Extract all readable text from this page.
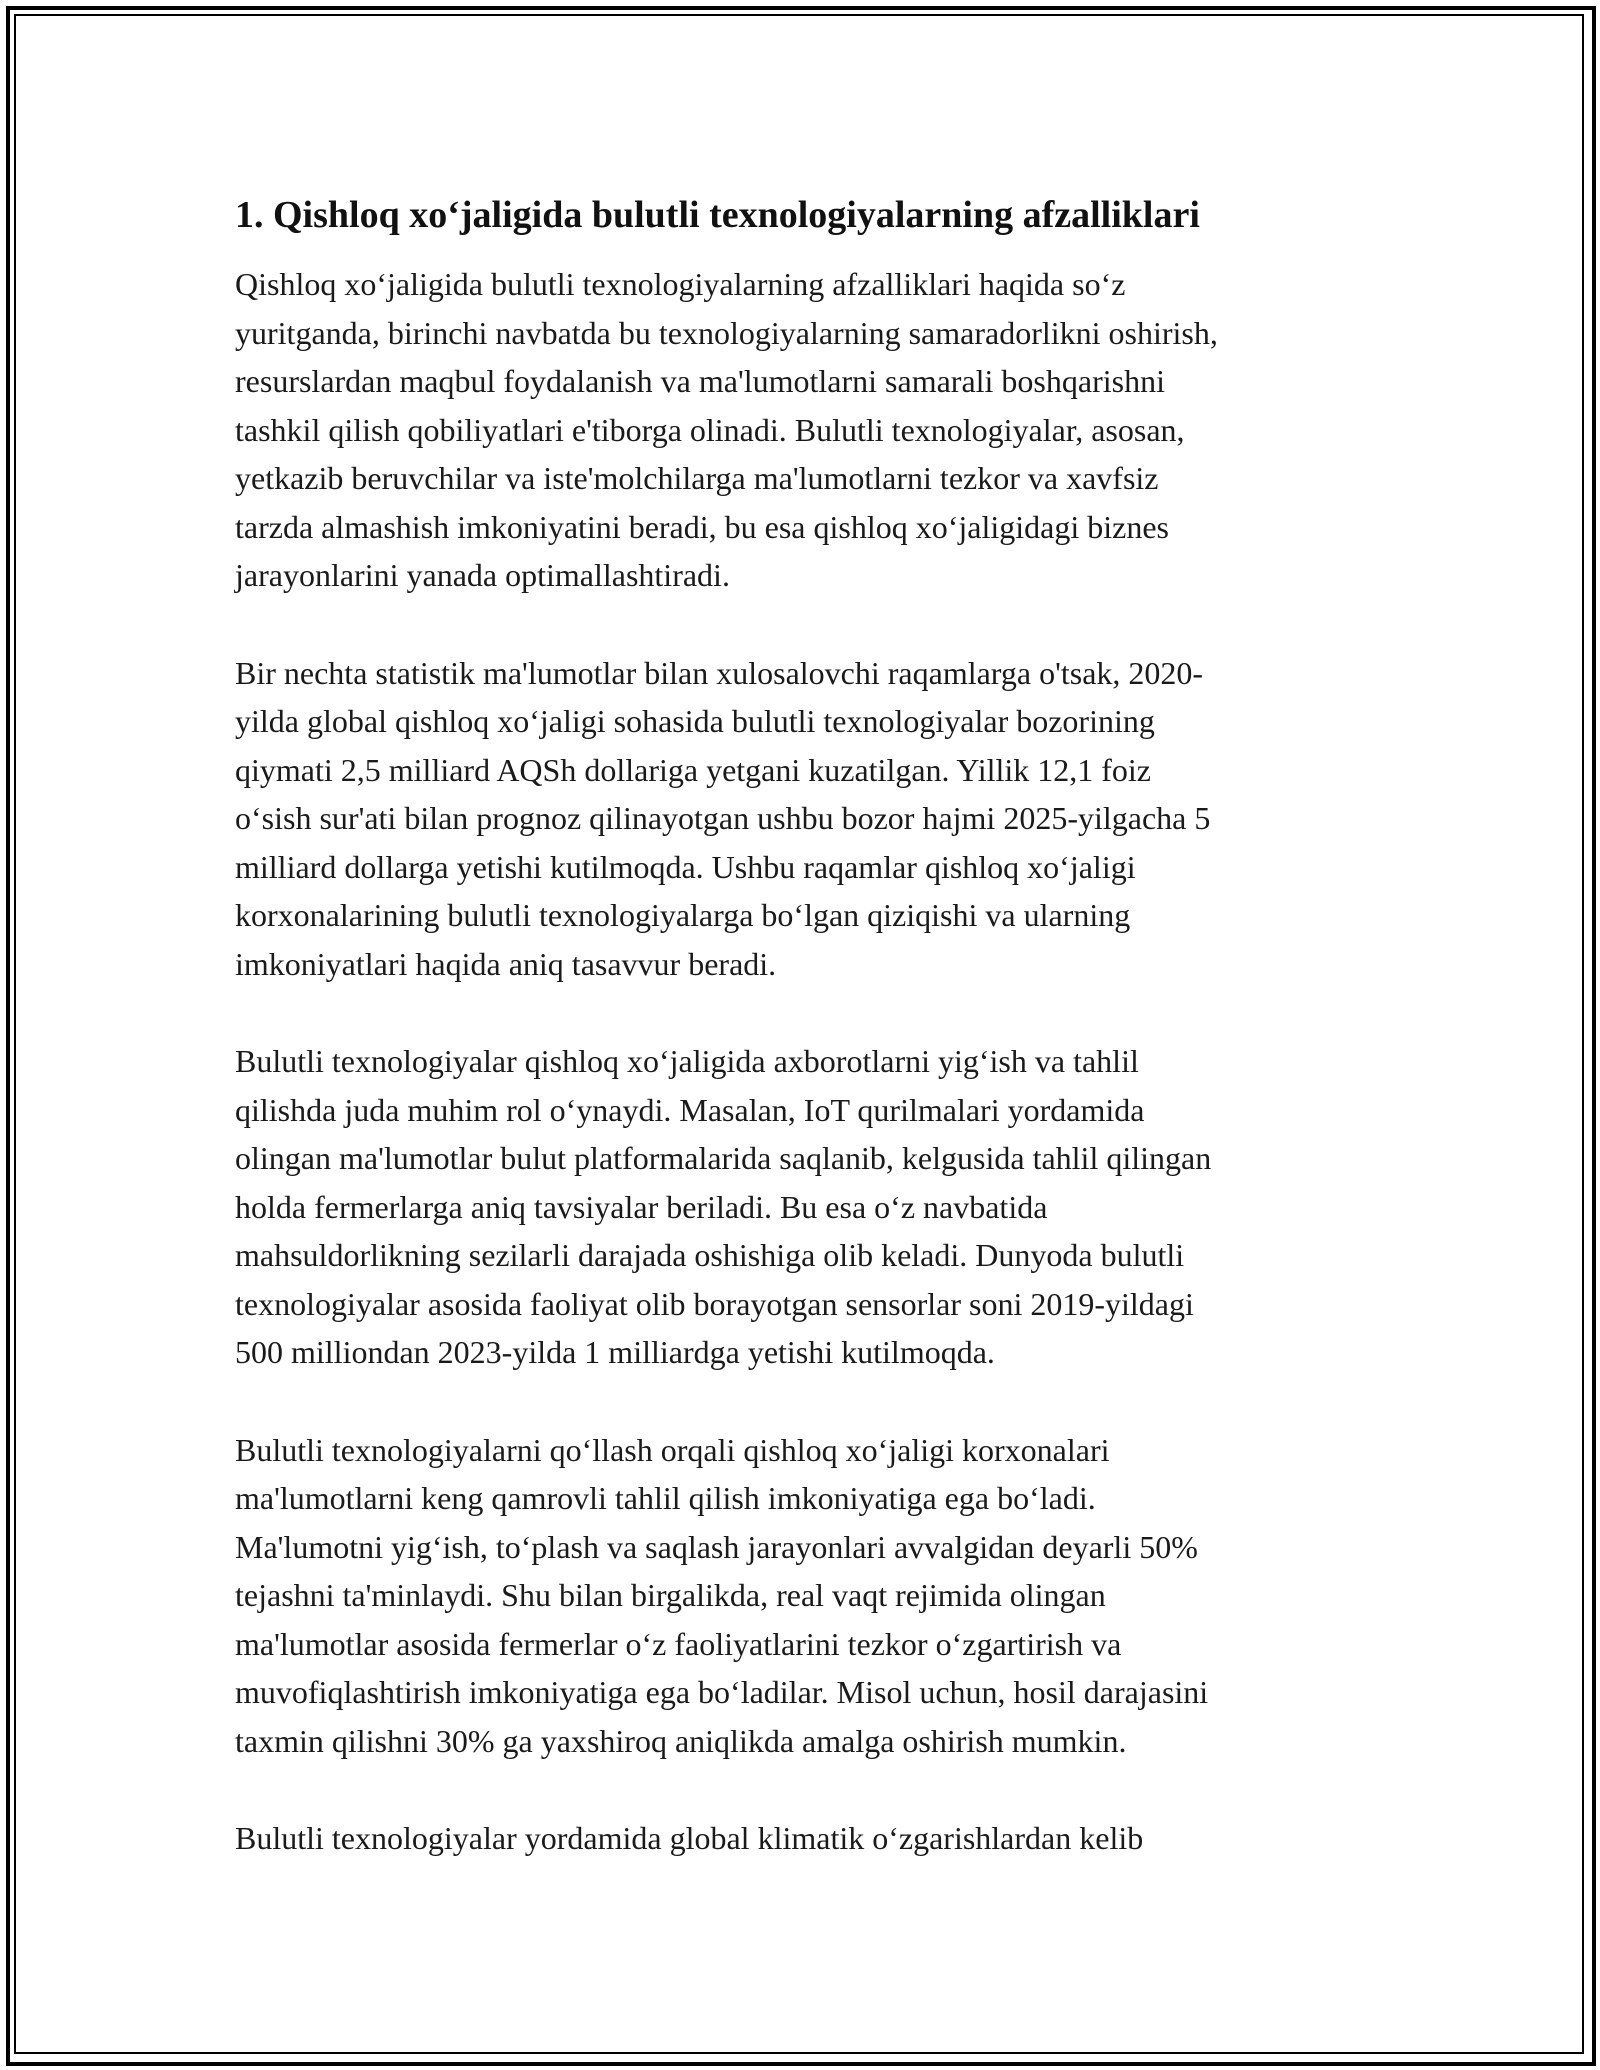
1. Qishloq xo‘jaligida bulutli texnologiyalarning afzalliklari

Qishloq xo‘jaligida bulutli texnologiyalarning afzalliklari haqida so‘z
yuritganda, birinchi navbatda bu texnologiyalarning samaradorlikni oshirish,
resurslardan maqbul foydalanish va ma'lumotlarni samarali boshqarishni
tashkil qilish qobiliyatlari e'tiborga olinadi. Bulutli texnologiyalar, asosan,
yetkazib beruvchilar va iste'molchilarga ma'lumotlarni tezkor va xavfsiz
tarzda almashish imkoniyatini beradi, bu esa qishloq xo‘jaligidagi biznes
jarayonlarini yanada optimallashtiradi.

Bir nechta statistik ma'lumotlar bilan xulosalovchi raqamlarga o'tsak, 2020-
yilda global qishloq xo‘jaligi sohasida bulutli texnologiyalar bozorining
qiymati 2,5 milliard AQSh dollariga yetgani kuzatilgan. Yillik 12,1 foiz
o‘sish sur'ati bilan prognoz qilinayotgan ushbu bozor hajmi 2025-yilgacha 5
milliard dollarga yetishi kutilmoqda. Ushbu raqamlar qishloq xo‘jaligi
korxonalarining bulutli texnologiyalarga bo‘lgan qiziqishi va ularning
imkoniyatlari haqida aniq tasavvur beradi.

Bulutli texnologiyalar qishloq xo‘jaligida axborotlarni yig‘ish va tahlil
qilishda juda muhim rol o‘ynaydi. Masalan, IoT qurilmalari yordamida
olingan ma'lumotlar bulut platformalarida saqlanib, kelgusida tahlil qilingan
holda fermerlarga aniq tavsiyalar beriladi. Bu esa o‘z navbatida
mahsuldorlikning sezilarli darajada oshishiga olib keladi. Dunyoda bulutli
texnologiyalar asosida faoliyat olib borayotgan sensorlar soni 2019-yildagi
500 milliondan 2023-yilda 1 milliardga yetishi kutilmoqda.

Bulutli texnologiyalarni qo‘llash orqali qishloq xo‘jaligi korxonalari
ma'lumotlarni keng qamrovli tahlil qilish imkoniyatiga ega bo‘ladi.
Ma'lumotni yig‘ish, to‘plash va saqlash jarayonlari avvalgidan deyarli 50%
tejashni ta'minlaydi. Shu bilan birgalikda, real vaqt rejimida olingan
ma'lumotlar asosida fermerlar o‘z faoliyatlarini tezkor o‘zgartirish va
muvofiqlashtirish imkoniyatiga ega bo‘ladilar. Misol uchun, hosil darajasini
taxmin qilishni 30% ga yaxshiroq aniqlikda amalga oshirish mumkin.

Bulutli texnologiyalar yordamida global klimatik o‘zgarishlardan kelib
